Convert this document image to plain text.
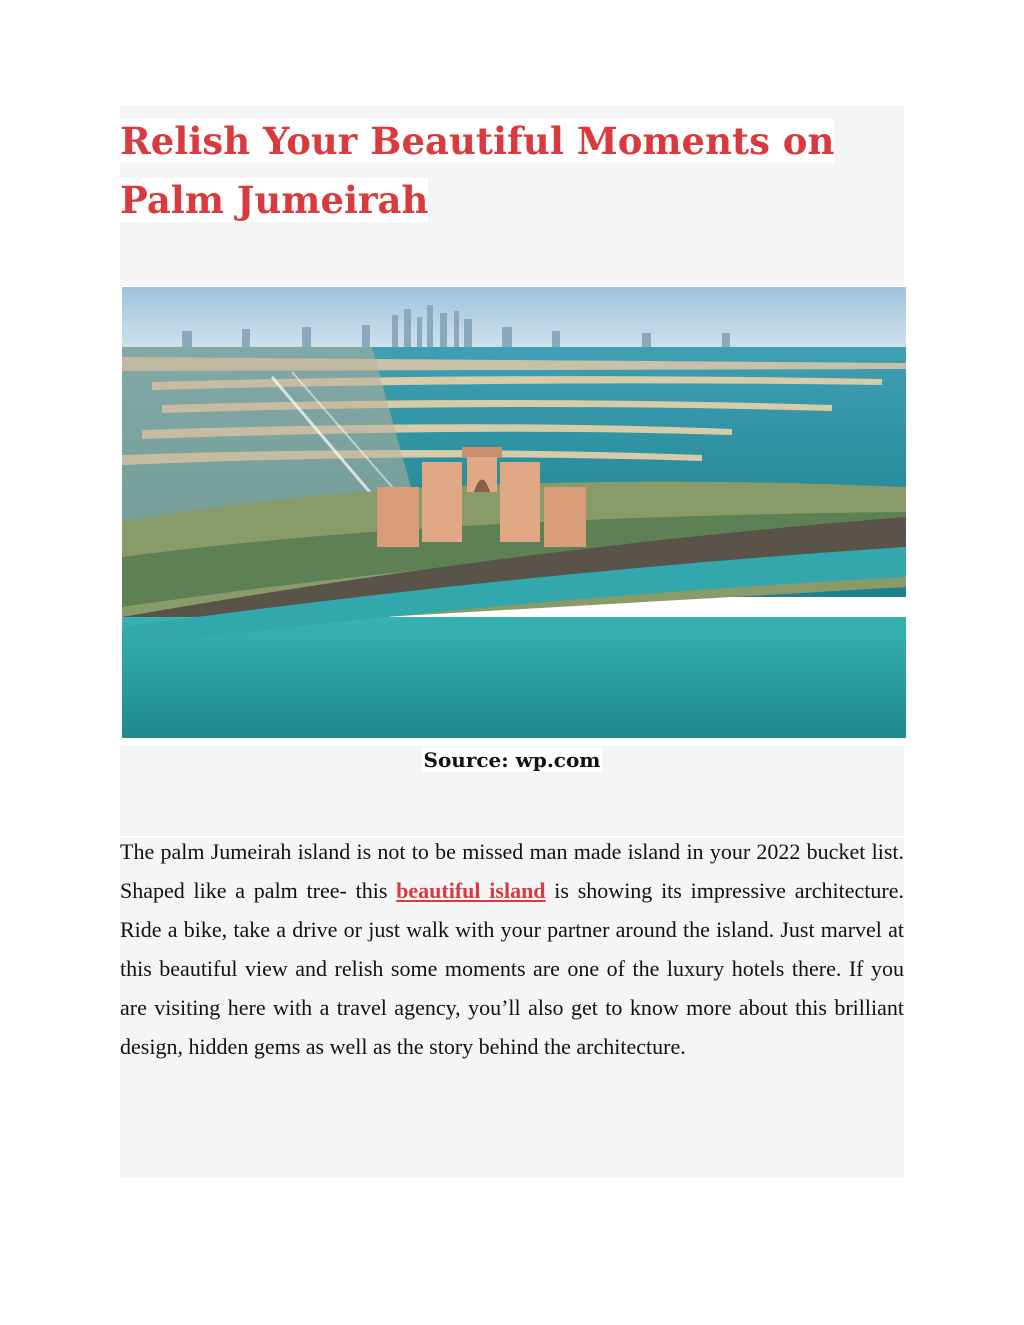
Relish Your Beautiful Moments on Palm Jumeirah

Source: wp.com

The palm Jumeirah island is not to be missed man made island in your 2022 bucket list. Shaped like a palm tree- this beautiful island is showing its impressive architecture. Ride a bike, take a drive or just walk with your partner around the island. Just marvel at this beautiful view and relish some moments are one of the luxury hotels there. If you are visiting here with a travel agency, you’ll also get to know more about this brilliant design, hidden gems as well as the story behind the architecture.
